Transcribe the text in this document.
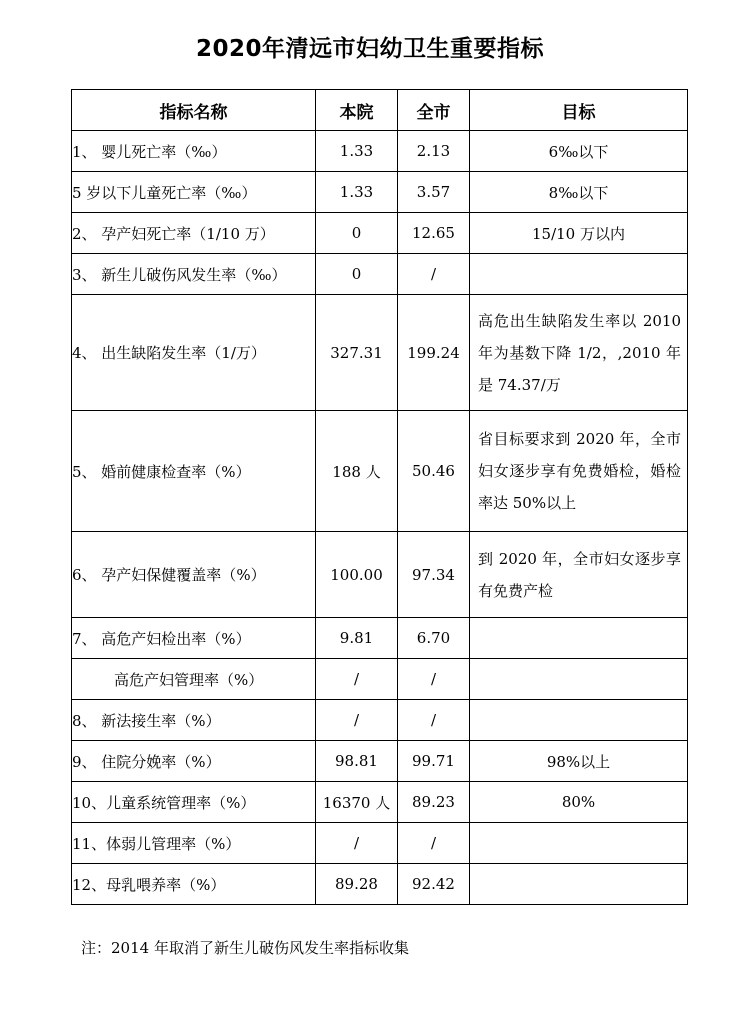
2020年清远市妇幼卫生重要指标
指标名称	本院	全市	目标
1、 婴儿死亡率（‰）	1.33	2.13	6‰以下
5 岁以下儿童死亡率（‰）	1.33	3.57	8‰以下
2、 孕产妇死亡率（1/10 万）	0	12.65	15/10 万以内
3、 新生儿破伤风发生率（‰）	0	/	
4、 出生缺陷发生率（1/万）	327.31	199.24	高危出生缺陷发生率以 2010 年为基数下降 1/2，,2010 年是 74.37/万
5、 婚前健康检查率（%）	188 人	50.46	省目标要求到 2020 年，全市妇女逐步享有免费婚检，婚检率达 50%以上
6、 孕产妇保健覆盖率（%）	100.00	97.34	到 2020 年，全市妇女逐步享有免费产检
7、 高危产妇检出率（%）	9.81	6.70	
高危产妇管理率（%）	/	/	
8、 新法接生率（%）	/	/	
9、 住院分娩率（%）	98.81	99.71	98%以上
10、儿童系统管理率（%）	16370 人	89.23	80%
11、体弱儿管理率（%）	/	/	
12、母乳喂养率（%）	89.28	92.42	
注：2014 年取消了新生儿破伤风发生率指标收集
